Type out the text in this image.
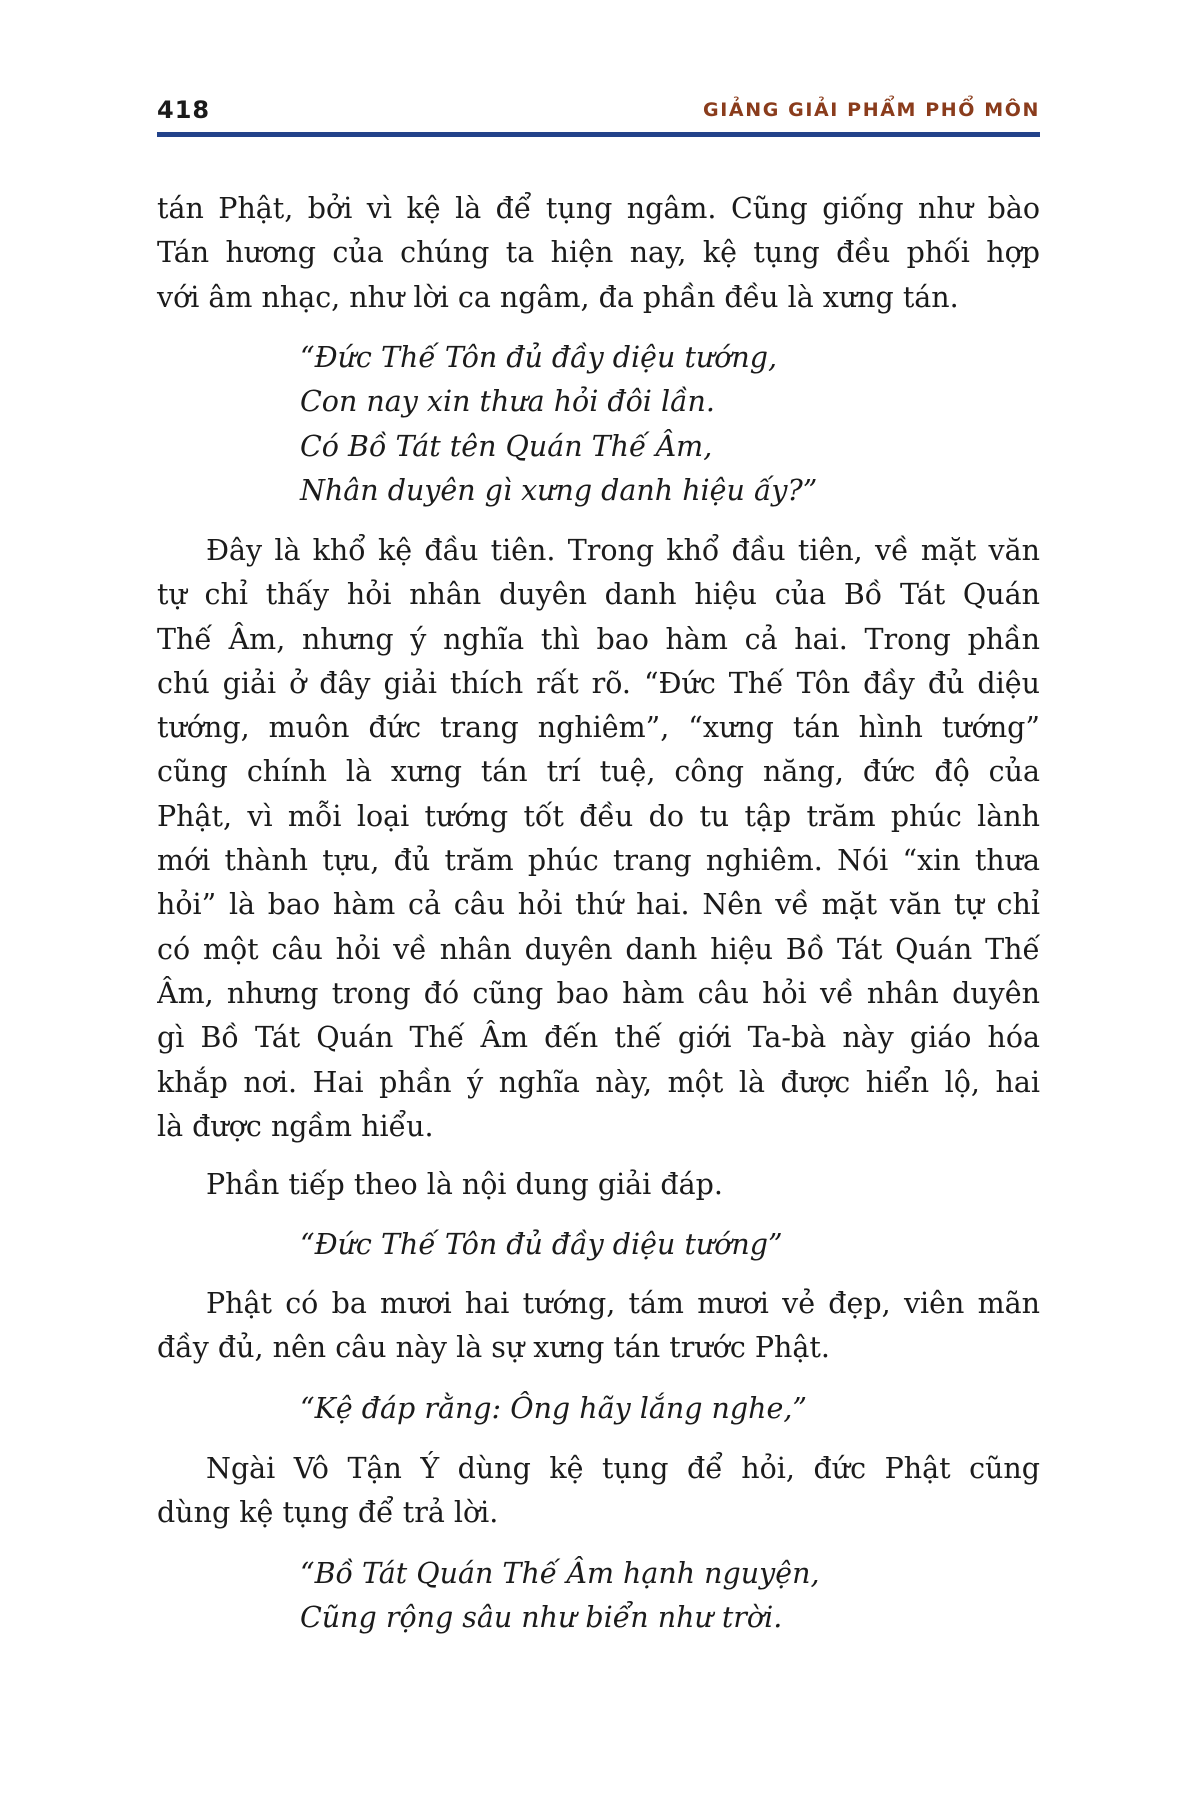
418	GIẢNG GIẢI PHẨM PHỔ MÔN
tán Phật, bởi vì kệ là để tụng ngâm. Cũng giống như bào
Tán hương của chúng ta hiện nay, kệ tụng đều phối hợp
với âm nhạc, như lời ca ngâm, đa phần đều là xưng tán.
“Đức Thế Tôn đủ đầy diệu tướng,
Con nay xin thưa hỏi đôi lần.
Có Bồ Tát tên Quán Thế Âm,
Nhân duyên gì xưng danh hiệu ấy?”
Đây là khổ kệ đầu tiên. Trong khổ đầu tiên, về mặt văn
tự chỉ thấy hỏi nhân duyên danh hiệu của Bồ Tát Quán
Thế Âm, nhưng ý nghĩa thì bao hàm cả hai. Trong phần
chú giải ở đây giải thích rất rõ. “Đức Thế Tôn đầy đủ diệu
tướng, muôn đức trang nghiêm”, “xưng tán hình tướng”
cũng chính là xưng tán trí tuệ, công năng, đức độ của
Phật, vì mỗi loại tướng tốt đều do tu tập trăm phúc lành
mới thành tựu, đủ trăm phúc trang nghiêm. Nói “xin thưa
hỏi” là bao hàm cả câu hỏi thứ hai. Nên về mặt văn tự chỉ
có một câu hỏi về nhân duyên danh hiệu Bồ Tát Quán Thế
Âm, nhưng trong đó cũng bao hàm câu hỏi về nhân duyên
gì Bồ Tát Quán Thế Âm đến thế giới Ta-bà này giáo hóa
khắp nơi. Hai phần ý nghĩa này, một là được hiển lộ, hai
là được ngầm hiểu.
Phần tiếp theo là nội dung giải đáp.
“Đức Thế Tôn đủ đầy diệu tướng”
Phật có ba mươi hai tướng, tám mươi vẻ đẹp, viên mãn
đầy đủ, nên câu này là sự xưng tán trước Phật.
“Kệ đáp rằng: Ông hãy lắng nghe,”
Ngài Vô Tận Ý dùng kệ tụng để hỏi, đức Phật cũng
dùng kệ tụng để trả lời.
“Bồ Tát Quán Thế Âm hạnh nguyện,
Cũng rộng sâu như biển như trời.
